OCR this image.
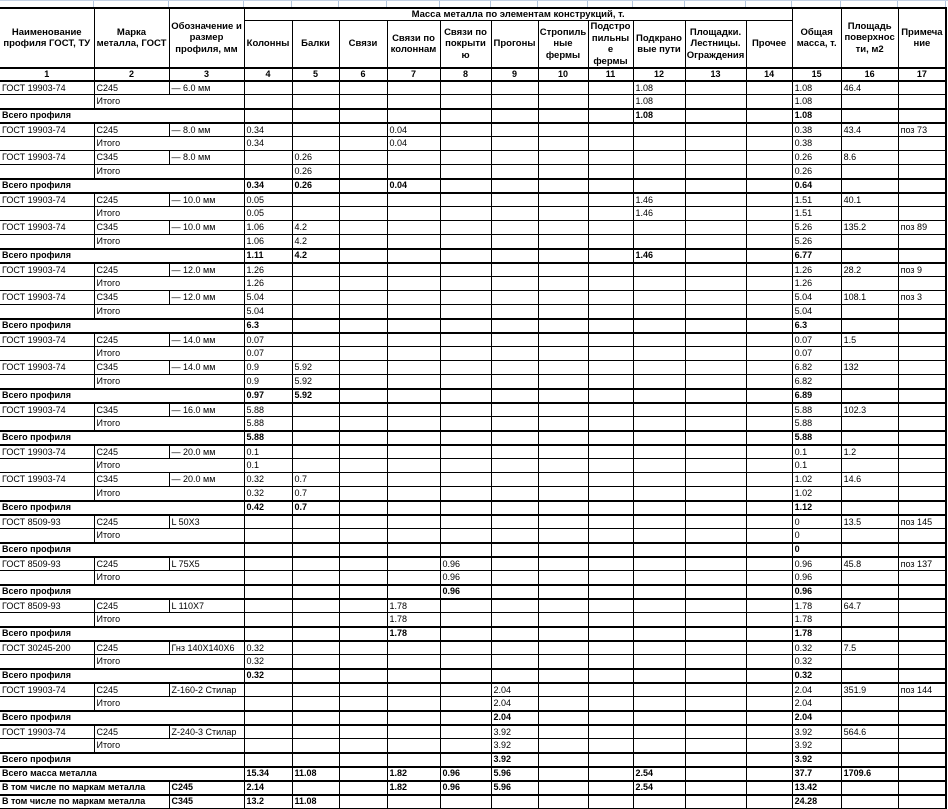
Наименование профиля ГОСТ, ТУ	Марка металла, ГОСТ	Обозначение и размер профиля, мм	Масса металла по элементам конструкций, т.											Общая масса, т.	Площадь поверхности, м2	Примечание
			Колонны	Балки	Связи	Связи по колоннам	Связи по покрытию	Прогоны	Стропильные фермы	Подстропильные фермы	Подкрановые пути	Площадки. Лестницы. Ограждения	Прочее			
1	2	3	4	5	6	7	8	9	10	11	12	13	14	15	16	17
ГОСТ 19903-74	С245	— 6.0 мм									1.08			1.08	46.4	
	Итого										1.08			1.08		
Всего профиля											1.08			1.08		
ГОСТ 19903-74	С245	— 8.0 мм	0.34			0.04								0.38	43.4	поз 73
	Итого		0.34			0.04								0.38		
ГОСТ 19903-74	С345	— 8.0 мм		0.26										0.26	8.6	
	Итого			0.26										0.26		
Всего профиля			0.34	0.26		0.04								0.64		
ГОСТ 19903-74	С245	— 10.0 мм	0.05								1.46			1.51	40.1	
	Итого		0.05								1.46			1.51		
ГОСТ 19903-74	С345	— 10.0 мм	1.06	4.2										5.26	135.2	поз 89
	Итого		1.06	4.2										5.26		
Всего профиля			1.11	4.2							1.46			6.77		
ГОСТ 19903-74	С245	— 12.0 мм	1.26											1.26	28.2	поз 9
	Итого		1.26											1.26		
ГОСТ 19903-74	С345	— 12.0 мм	5.04											5.04	108.1	поз 3
	Итого		5.04											5.04		
Всего профиля			6.3											6.3		
ГОСТ 19903-74	С245	— 14.0 мм	0.07											0.07	1.5	
	Итого		0.07											0.07		
ГОСТ 19903-74	С345	— 14.0 мм	0.9	5.92										6.82	132	
	Итого		0.9	5.92										6.82		
Всего профиля			0.97	5.92										6.89		
ГОСТ 19903-74	С345	— 16.0 мм	5.88											5.88	102.3	
	Итого		5.88											5.88		
Всего профиля			5.88											5.88		
ГОСТ 19903-74	С245	— 20.0 мм	0.1											0.1	1.2	
	Итого		0.1											0.1		
ГОСТ 19903-74	С345	— 20.0 мм	0.32	0.7										1.02	14.6	
	Итого		0.32	0.7										1.02		
Всего профиля			0.42	0.7										1.12		
ГОСТ 8509-93	С245	L 50X3												0	13.5	поз 145
	Итого													0		
Всего профиля														0		
ГОСТ 8509-93	С245	L 75X5					0.96							0.96	45.8	поз 137
	Итого						0.96							0.96		
Всего профиля							0.96							0.96		
ГОСТ 8509-93	С245	L 110X7				1.78								1.78	64.7	
	Итого					1.78								1.78		
Всего профиля						1.78								1.78		
ГОСТ 30245-200	С245	Гнз 140X140X6	0.32											0.32	7.5	
	Итого		0.32											0.32		
Всего профиля			0.32											0.32		
ГОСТ 19903-74	С245	Z-160-2 Стилар						2.04						2.04	351.9	поз 144
	Итого							2.04						2.04		
Всего профиля								2.04						2.04		
ГОСТ 19903-74	С245	Z-240-3 Стилар						3.92						3.92	564.6	
	Итого							3.92						3.92		
Всего профиля								3.92						3.92		
Всего масса металла			15.34	11.08		1.82	0.96	5.96			2.54			37.7	1709.6	
В том числе по маркам металла		С245	2.14			1.82	0.96	5.96			2.54			13.42		
В том числе по маркам металла		С345	13.2	11.08										24.28		
